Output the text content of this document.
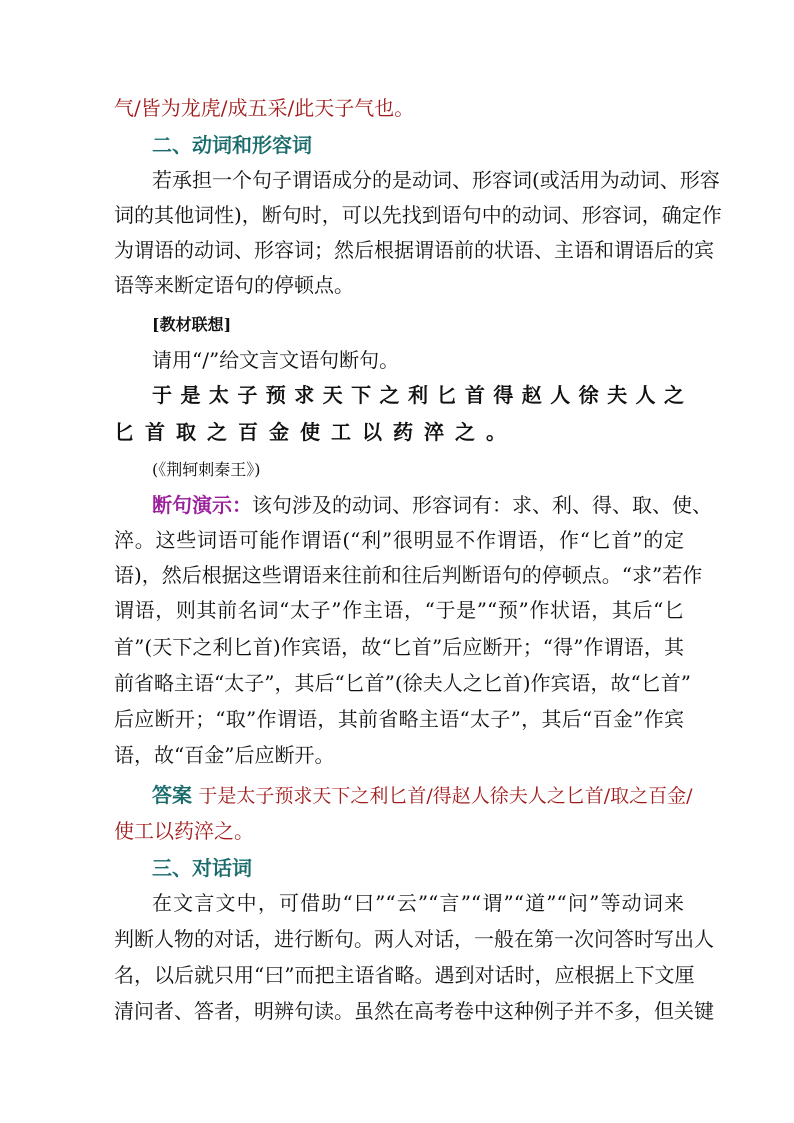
气/皆为龙虎/成五采/此天子气也。
二、动词和形容词
若承担一个句子谓语成分的是动词、形容词(或活用为动词、形容
词的其他词性)，断句时，可以先找到语句中的动词、形容词，确定作
为谓语的动词、形容词；然后根据谓语前的状语、主语和谓语后的宾
语等来断定语句的停顿点。
[教材联想]
请用“/”给文言文语句断句。
于是太子预求天下之利匕首得赵人徐夫人之
匕首取之百金使工以药淬之。
(《荆轲刺秦王》)
断句演示：该句涉及的动词、形容词有：求、利、得、取、使、
淬。这些词语可能作谓语(“利”很明显不作谓语，作“匕首”的定
语)，然后根据这些谓语来往前和往后判断语句的停顿点。“求”若作
谓语，则其前名词“太子”作主语，“于是”“预”作状语，其后“匕
首”(天下之利匕首)作宾语，故“匕首”后应断开；“得”作谓语，其
前省略主语“太子”，其后“匕首”(徐夫人之匕首)作宾语，故“匕首”
后应断开；“取”作谓语，其前省略主语“太子”，其后“百金”作宾
语，故“百金”后应断开。
答案 于是太子预求天下之利匕首/得赵人徐夫人之匕首/取之百金/
使工以药淬之。
三、对话词
在文言文中，可借助“曰”“云”“言”“谓”“道”“问”等动词来
判断人物的对话，进行断句。两人对话，一般在第一次问答时写出人
名，以后就只用“曰”而把主语省略。遇到对话时，应根据上下文厘
清问者、答者，明辨句读。虽然在高考卷中这种例子并不多，但关键
